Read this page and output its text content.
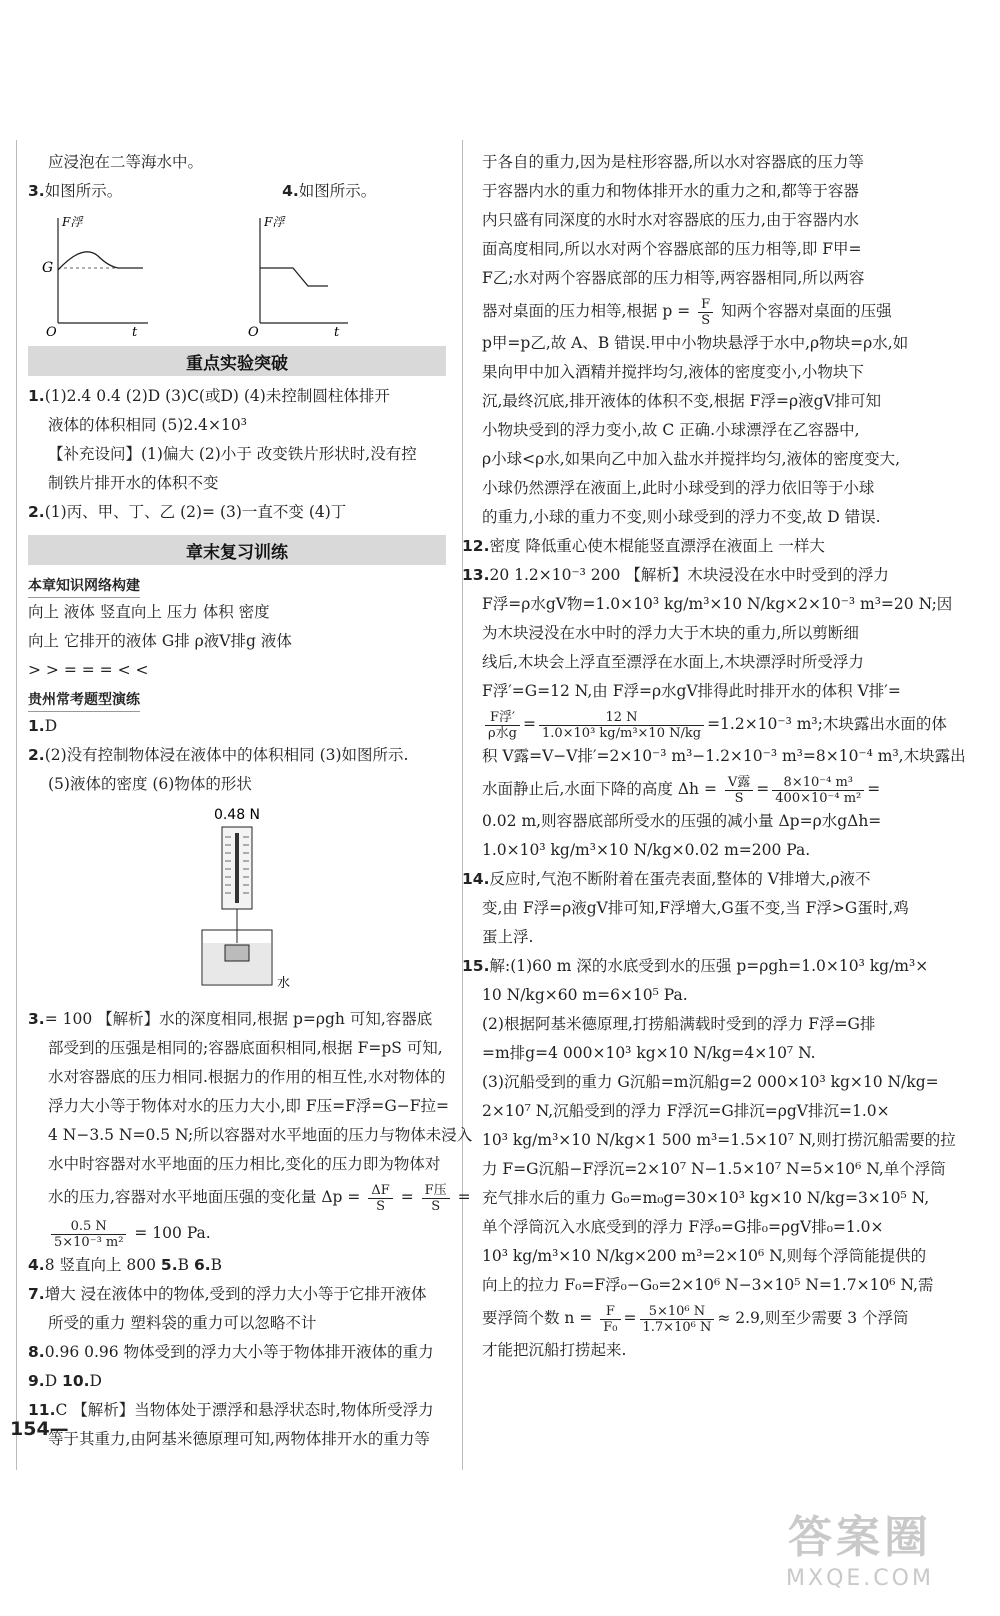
应浸泡在二等海水中。
3.如图所示。	4.如图所示。
F浮
G
O	t
F浮
O	t
重点实验突破
1.(1)2.4 0.4 (2)D (3)C(或D) (4)未控制圆柱体排开
液体的体积相同 (5)2.4×10³
【补充设问】(1)偏大 (2)小于 改变铁片形状时,没有控
制铁片排开水的体积不变
2.(1)丙、甲、丁、乙 (2)= (3)一直不变 (4)丁
章末复习训练
本章知识网络构建
向上 液体 竖直向上 压力 体积 密度
向上 它排开的液体 G排 ρ液V排g 液体
> > = = = < <
贵州常考题型演练
1.D
2.(2)没有控制物体浸在液体中的体积相同 (3)如图所示.
(5)液体的密度 (6)物体的形状
0.48 N
水
3.= 100 【解析】水的深度相同,根据 p=ρgh 可知,容器底
部受到的压强是相同的;容器底面积相同,根据 F=pS 可知,
水对容器底的压力相同.根据力的作用的相互性,水对物体的
浮力大小等于物体对水的压力大小,即 F压=F浮=G−F拉=
4 N−3.5 N=0.5 N;所以容器对水平地面的压力与物体未浸入
水中时容器对水平地面的压力相比,变化的压力即为物体对
水的压力,容器对水平地面压强的变化量 $\Delta p = \frac{\Delta F}{S} = \frac{\text{F压}}{S}$ =
$\frac{0.5 N}{\text{5×10⁻³ m²}} = 100$ Pa.
4.8 竖直向上 800 5.B 6.B
7.增大 浸在液体中的物体,受到的浮力大小等于它排开液体
所受的重力 塑料袋的重力可以忽略不计
8.0.96 0.96 物体受到的浮力大小等于物体排开液体的重力
9.D 10.D
11.C 【解析】当物体处于漂浮和悬浮状态时,物体所受浮力
等于其重力,由阿基米德原理可知,两物体排开水的重力等
于各自的重力,因为是柱形容器,所以水对容器底的压力等
于容器内水的重力和物体排开水的重力之和,都等于容器
内只盛有同深度的水时水对容器底的压力,由于容器内水
面高度相同,所以水对两个容器底部的压力相等,即 F甲=
F乙;水对两个容器底部的压力相等,两容器相同,所以两容
器对桌面的压力相等,根据 $p = \frac{F}{S}$ 知两个容器对桌面的压强
p甲=p乙,故 A、B 错误.甲中小物块悬浮于水中,ρ物块=ρ水,如
果向甲中加入酒精并搅拌均匀,液体的密度变小,小物块下
沉,最终沉底,排开液体的体积不变,根据 F浮=ρ液gV排可知
小物块受到的浮力变小,故 C 正确.小球漂浮在乙容器中,
ρ小球<ρ水,如果向乙中加入盐水并搅拌均匀,液体的密度变大,
小球仍然漂浮在液面上,此时小球受到的浮力依旧等于小球
的重力,小球的重力不变,则小球受到的浮力不变,故 D 错误.
12.密度 降低重心使木棍能竖直漂浮在液面上 一样大
13.20 1.2×10⁻³ 200 【解析】木块浸没在水中时受到的浮力
F浮=ρ水gV物=1.0×10³ kg/m³×10 N/kg×2×10⁻³ m³=20 N;因
为木块浸没在水中时的浮力大于木块的重力,所以剪断细
线后,木块会上浮直至漂浮在水面上,木块漂浮时所受浮力
F浮′=G=12 N,由 F浮=ρ水gV排得此时排开水的体积 V排′=
$\frac{\text{F浮′}}{\text{ρ水g}} = \frac{12 N}{\text{1.0×10³ kg/m³×10 N/kg}} =1.2\times 10^{-3}$ m³;木块露出水面的体
积 V露=V−V排′=2×10⁻³ m³−1.2×10⁻³ m³=8×10⁻⁴ m³,木块露出
水面静止后,水面下降的高度 $\Delta h = \frac{\text{V露}}{S} = \frac{\text{8×10⁻⁴ m³}}{\text{400×10⁻⁴ m²}}$ =
0.02 m,则容器底部所受水的压强的减小量 Δp=ρ水gΔh=
1.0×10³ kg/m³×10 N/kg×0.02 m=200 Pa.
14.反应时,气泡不断附着在蛋壳表面,整体的 V排增大,ρ液不
变,由 F浮=ρ液gV排可知,F浮增大,G蛋不变,当 F浮>G蛋时,鸡
蛋上浮.
15.解:(1)60 m 深的水底受到水的压强 p=ρgh=1.0×10³ kg/m³×
10 N/kg×60 m=6×10⁵ Pa.
(2)根据阿基米德原理,打捞船满载时受到的浮力 F浮=G排
=m排g=4 000×10³ kg×10 N/kg=4×10⁷ N.
(3)沉船受到的重力 G沉船=m沉船g=2 000×10³ kg×10 N/kg=
2×10⁷ N,沉船受到的浮力 F浮沉=G排沉=ρgV排沉=1.0×
10³ kg/m³×10 N/kg×1 500 m³=1.5×10⁷ N,则打捞沉船需要的拉
力 F=G沉船−F浮沉=2×10⁷ N−1.5×10⁷ N=5×10⁶ N,单个浮筒
充气排水后的重力 G₀=m₀g=30×10³ kg×10 N/kg=3×10⁵ N,
单个浮筒沉入水底受到的浮力 F浮₀=G排₀=ρgV排₀=1.0×
10³ kg/m³×10 N/kg×200 m³=2×10⁶ N,则每个浮筒能提供的
向上的拉力 F₀=F浮₀−G₀=2×10⁶ N−3×10⁵ N=1.7×10⁶ N,需
要浮筒个数 $n = \frac{F}{\text{F₀}} = \frac{\text{5×10⁶ N}}{\text{1.7×10⁶ N}} \approx 2.9$,则至少需要 3 个浮筒
才能把沉船打捞起来.
154—
答案圈
MXQE.COM
